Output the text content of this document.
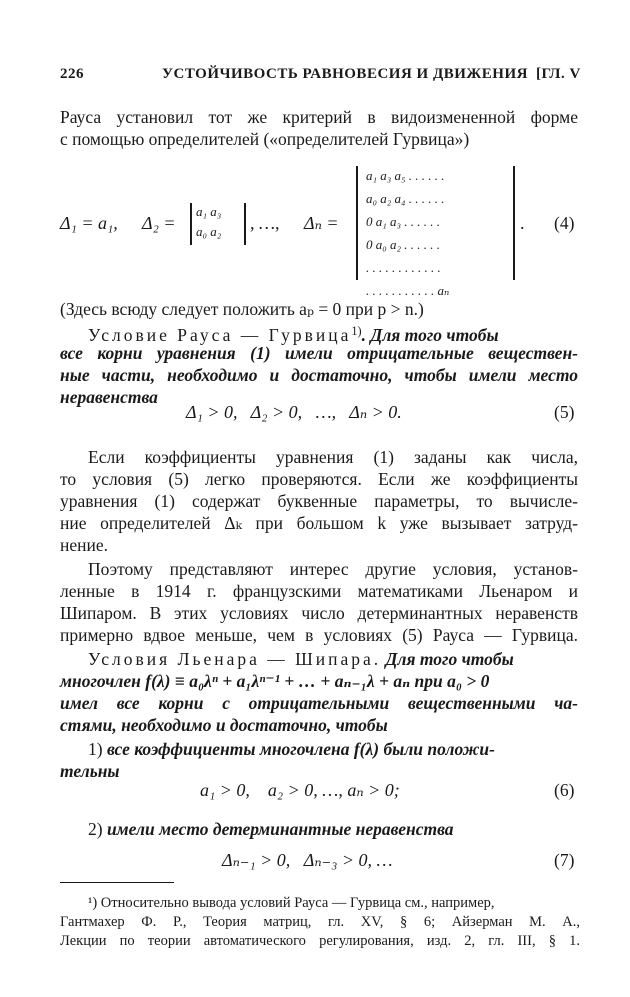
226	УСТОЙЧИВОСТЬ РАВНОВЕСИЯ И ДВИЖЕНИЯ [ГЛ. V
Рауса установил тот же критерий в видоизмененной форме
с помощью определителей («определителей Гурвица»)
Δ₁ = a₁, Δ₂ =
a₁ a₃
a₀ a₂ , …, Δₙ =
a₁ a₃ a₅ . . . . . .
a₀ a₂ a₄ . . . . . .
0 a₁ a₃ . . . . . .
0 a₀ a₂ . . . . . .
. . . . . . . . . . . .
. . . . . . . . . . . aₙ
. (4)
(Здесь всюду следует положить aₚ = 0 при p > n.)
Условие Рауса — Гурвица$^{1)}$. Для того чтобы
все корни уравнения (1) имели отрицательные веществен-
ные части, необходимо и достаточно, чтобы имели место
неравенства
Δ₁ > 0,   Δ₂ > 0,   …,   Δₙ > 0.	(5)
Если коэффициенты уравнения (1) заданы как числа,
то условия (5) легко проверяются. Если же коэффициенты
уравнения (1) содержат буквенные параметры, то вычисле-
ние определителей Δₖ при большом k уже вызывает затруд-
нение.
Поэтому представляют интерес другие условия, установ-
ленные в 1914 г. французскими математиками Льенаром и
Шипаром. В этих условиях число детерминантных неравенств
примерно вдвое меньше, чем в условиях (5) Рауса — Гурвица.
Условия Льенара — Шипара. Для того чтобы
многочлен f(λ) ≡ a₀λⁿ + a₁λⁿ⁻¹ + … + aₙ₋₁λ + aₙ при a₀ > 0
имел все корни с отрицательными вещественными ча-
стями, необходимо и достаточно, чтобы
1) все коэффициенты многочлена f(λ) были положи-
тельны
a₁ > 0,    a₂ > 0, …, aₙ > 0;	(6)
2) имели место детерминантные неравенства
Δₙ₋₁ > 0,   Δₙ₋₃ > 0, …	(7)
¹) Относительно вывода условий Рауса — Гурвица см., например,
Гантмахер Ф. Р., Теория матриц, гл. XV, § 6; Айзерман М. А.,
Лекции по теории автоматического регулирования, изд. 2, гл. III, § 1.
